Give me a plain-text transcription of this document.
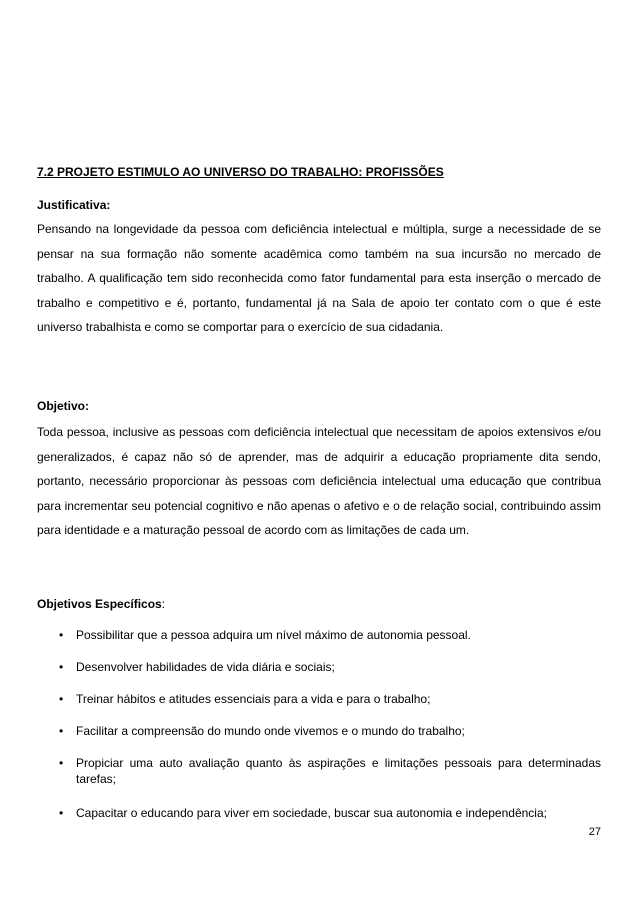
7.2 PROJETO ESTIMULO AO UNIVERSO DO TRABALHO: PROFISSÕES
Justificativa:

Pensando na longevidade da pessoa com deficiência intelectual e múltipla, surge a necessidade de se pensar na sua formação não somente acadêmica como também na sua incursão no mercado de trabalho. A qualificação tem sido reconhecida como fator fundamental para esta inserção o mercado de trabalho e competitivo e é, portanto, fundamental já na Sala de apoio ter contato com o que é este universo trabalhista e como se comportar para o exercício de sua cidadania.

Objetivo:

Toda pessoa, inclusive as pessoas com deficiência intelectual que necessitam de apoios extensivos e/ou generalizados, é capaz não só de aprender, mas de adquirir a educação propriamente dita sendo, portanto, necessário proporcionar às pessoas com deficiência intelectual uma educação que contribua para incrementar seu potencial cognitivo e não apenas o afetivo e o de relação social, contribuindo assim para identidade e a maturação pessoal de acordo com as limitações de cada um.

Objetivos Específicos:
• Possibilitar que a pessoa adquira um nível máximo de autonomia pessoal.
• Desenvolver habilidades de vida diária e sociais;
• Treinar hábitos e atitudes essenciais para a vida e para o trabalho;
• Facilitar a compreensão do mundo onde vivemos e o mundo do trabalho;
• Propiciar uma auto avaliação quanto às aspirações e limitações pessoais para determinadas tarefas;
• Capacitar o educando para viver em sociedade, buscar sua autonomia e independência;
27
